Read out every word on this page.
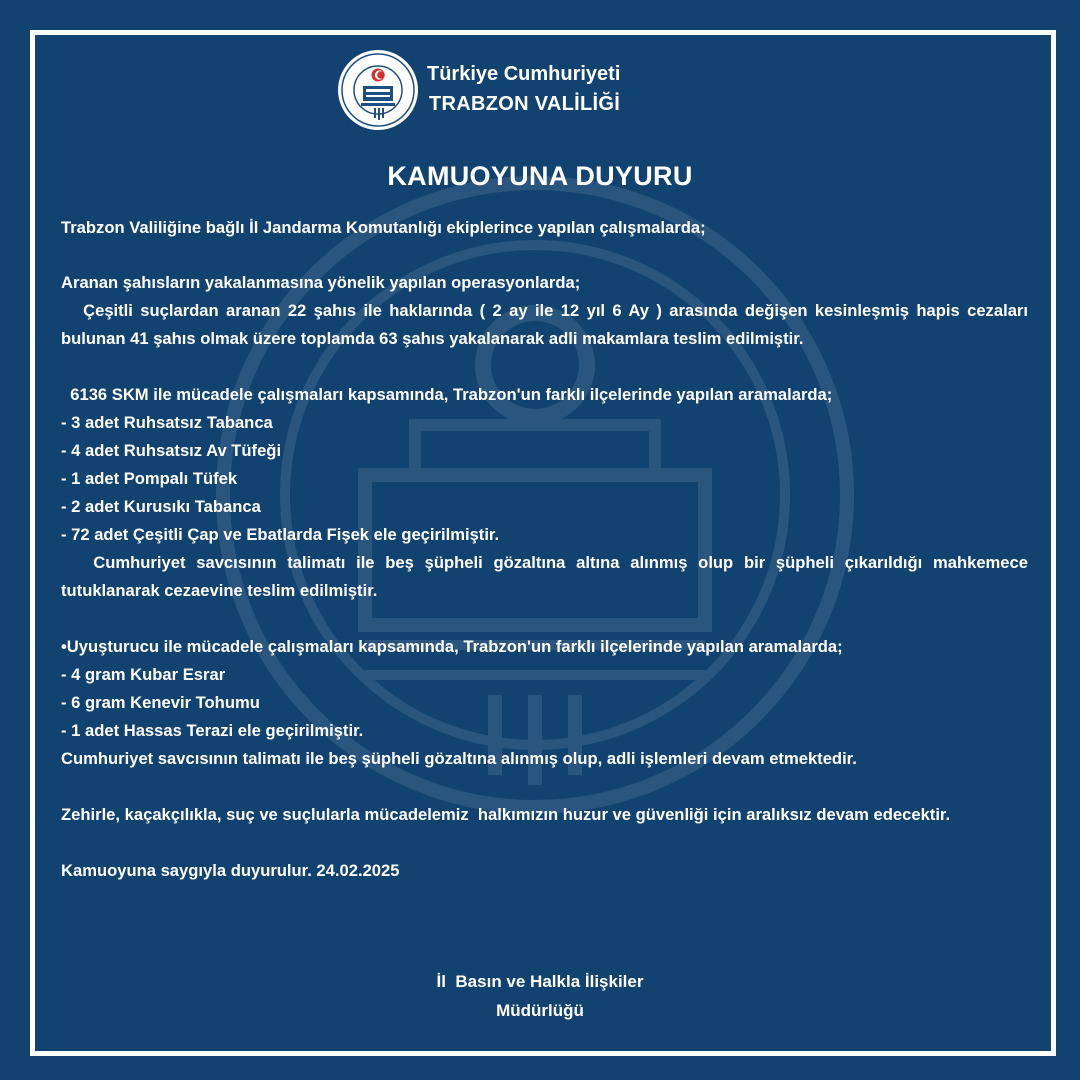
Türkiye Cumhuriyeti
TRABZON VALİLİĞİ
KAMUOYUNA DUYURU

Trabzon Valiliğine bağlı İl Jandarma Komutanlığı ekiplerince yapılan çalışmalarda;

Aranan şahısların yakalanmasına yönelik yapılan operasyonlarda;

Çeşitli suçlardan aranan 22 şahıs ile haklarında ( 2 ay ile 12 yıl 6 Ay ) arasında değişen kesinleşmiş hapis cezaları bulunan 41 şahıs olmak üzere toplamda 63 şahıs yakalanarak adli makamlara teslim edilmiştir.

6136 SKM ile mücadele çalışmaları kapsamında, Trabzon'un farklı ilçelerinde yapılan aramalarda;

- 3 adet Ruhsatsız Tabanca

- 4 adet Ruhsatsız Av Tüfeği

- 1 adet Pompalı Tüfek

- 2 adet Kurusıkı Tabanca

- 72 adet Çeşitli Çap ve Ebatlarda Fişek ele geçirilmiştir.

Cumhuriyet savcısının talimatı ile beş şüpheli gözaltına altına alınmış olup bir şüpheli çıkarıldığı mahkemece tutuklanarak cezaevine teslim edilmiştir.

•Uyuşturucu ile mücadele çalışmaları kapsamında, Trabzon'un farklı ilçelerinde yapılan aramalarda;

- 4 gram Kubar Esrar

- 6 gram Kenevir Tohumu

- 1 adet Hassas Terazi ele geçirilmiştir.

Cumhuriyet savcısının talimatı ile beş şüpheli gözaltına alınmış olup, adli işlemleri devam etmektedir.

Zehirle, kaçakçılıkla, suç ve suçlularla mücadelemiz  halkımızın huzur ve güvenliği için aralıksız devam edecektir.

Kamuoyuna saygıyla duyurulur. 24.02.2025

İl  Basın ve Halkla İlişkiler
Müdürlüğü
